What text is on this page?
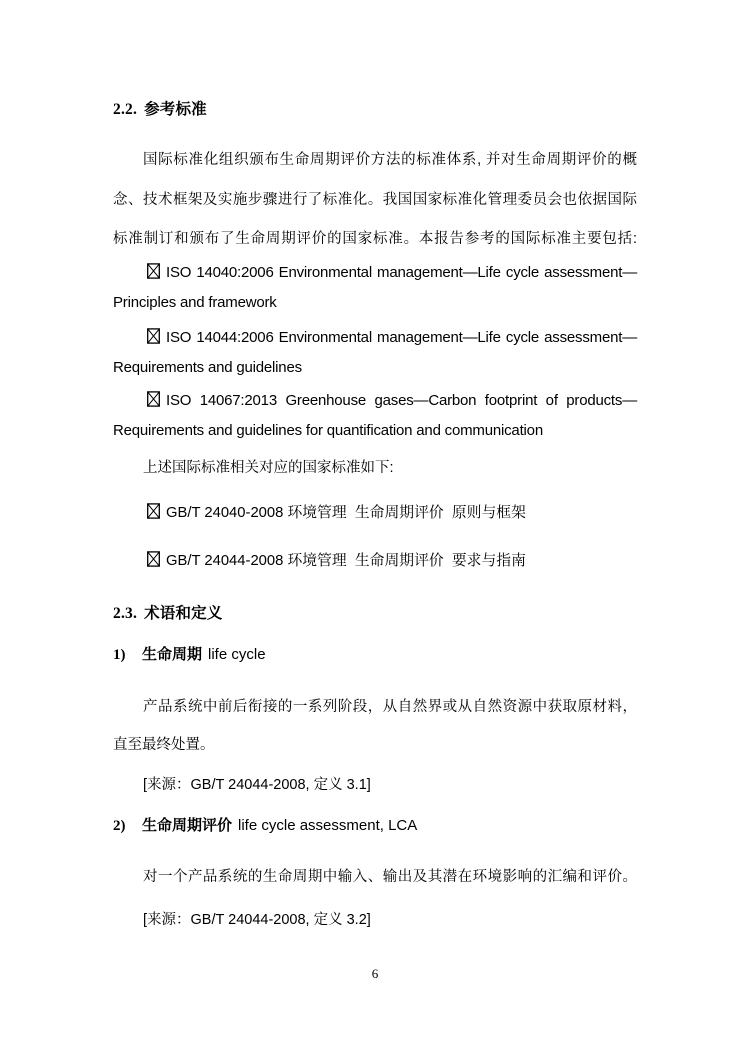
2.2. 参考标准
国际标准化组织颁布生命周期评价方法的标准体系, 并对生命周期评价的概
念、技术框架及实施步骤进行了标准化。我国国家标准化管理委员会也依据国际
标准制订和颁布了生命周期评价的国家标准。本报告参考的国际标准主要包括:
ISO 14040:2006 Environmental management—Life cycle assessment—
Principles and framework
ISO 14044:2006 Environmental management—Life cycle assessment—
Requirements and guidelines
ISO 14067:2013 Greenhouse gases—Carbon footprint of products—
Requirements and guidelines for quantification and communication
上述国际标准相关对应的国家标准如下:
GB/T 24040-2008 环境管理  生命周期评价  原则与框架
GB/T 24044-2008 环境管理  生命周期评价  要求与指南
2.3. 术语和定义
1) 生命周期 life cycle
产品系统中前后衔接的一系列阶段，从自然界或从自然资源中获取原材料，
直至最终处置。
[来源：GB/T 24044-2008, 定义 3.1]
2) 生命周期评价 life cycle assessment, LCA
对一个产品系统的生命周期中输入、输出及其潜在环境影响的汇编和评价。
[来源：GB/T 24044-2008, 定义 3.2]
6
